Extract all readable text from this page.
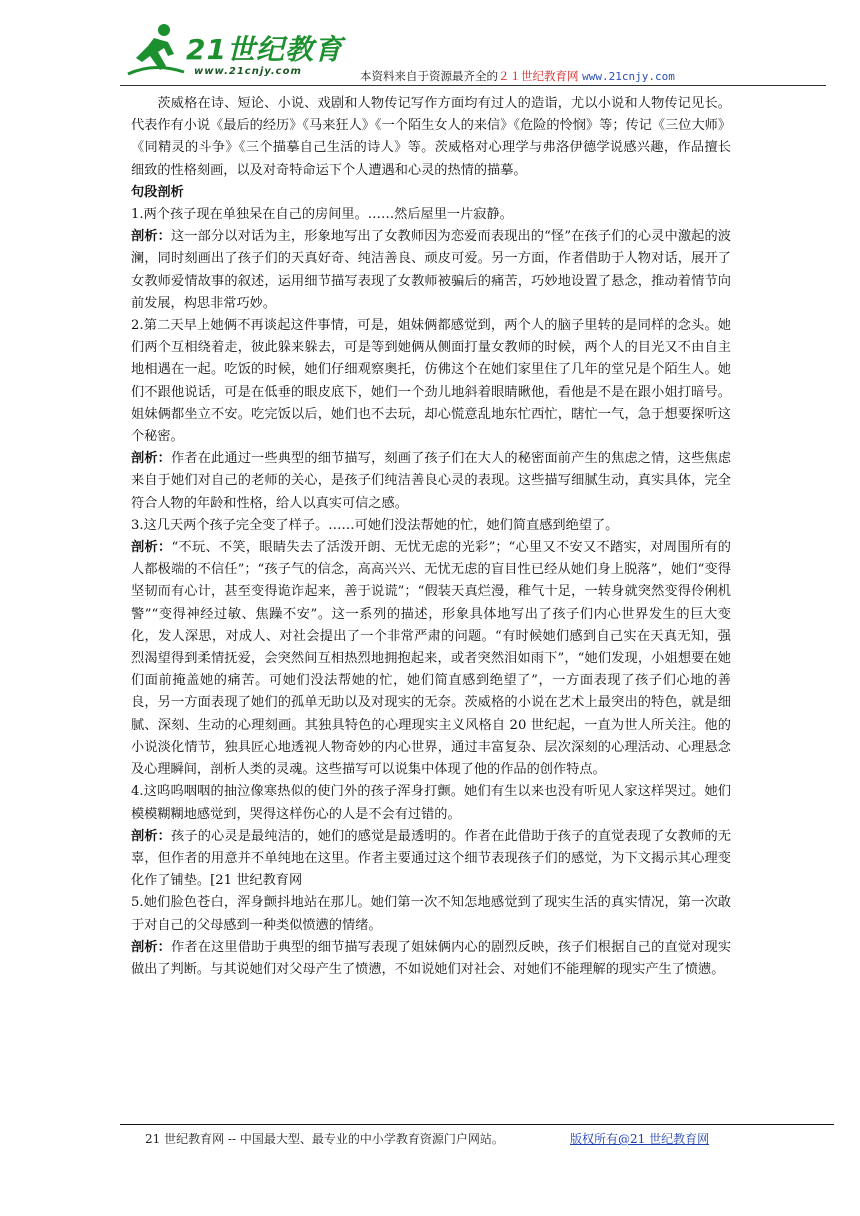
21世纪教育
www.21cnjy.com	本资料来自于资源最齐全的２１世纪教育网 www.21cnjy.com

茨威格在诗、短论、小说、戏剧和人物传记写作方面均有过人的造诣，尤以小说和人物传记见长。代表作有小说《最后的经历》《马来狂人》《一个陌生女人的来信》《危险的怜悯》等；传记《三位大师》《同精灵的斗争》《三个描摹自己生活的诗人》等。茨威格对心理学与弗洛伊德学说感兴趣，作品擅长细致的性格刻画，以及对奇特命运下个人遭遇和心灵的热情的描摹。

句段剖析

1.两个孩子现在单独呆在自己的房间里。……然后屋里一片寂静。

剖析：这一部分以对话为主，形象地写出了女教师因为恋爱而表现出的“怪”在孩子们的心灵中激起的波澜，同时刻画出了孩子们的天真好奇、纯洁善良、顽皮可爱。另一方面，作者借助于人物对话，展开了女教师爱情故事的叙述，运用细节描写表现了女教师被骗后的痛苦，巧妙地设置了悬念，推动着情节向前发展，构思非常巧妙。

2.第二天早上她俩不再谈起这件事情，可是，姐妹俩都感觉到，两个人的脑子里转的是同样的念头。她们两个互相绕着走，彼此躲来躲去，可是等到她俩从侧面打量女教师的时候，两个人的目光又不由自主地相遇在一起。吃饭的时候，她们仔细观察奥托，仿佛这个在她们家里住了几年的堂兄是个陌生人。她们不跟他说话，可是在低垂的眼皮底下，她们一个劲儿地斜着眼睛瞅他，看他是不是在跟小姐打暗号。姐妹俩都坐立不安。吃完饭以后，她们也不去玩，却心慌意乱地东忙西忙，瞎忙一气，急于想要探听这个秘密。

剖析：作者在此通过一些典型的细节描写，刻画了孩子们在大人的秘密面前产生的焦虑之情，这些焦虑来自于她们对自己的老师的关心，是孩子们纯洁善良心灵的表现。这些描写细腻生动，真实具体，完全符合人物的年龄和性格，给人以真实可信之感。

3.这几天两个孩子完全变了样子。……可她们没法帮她的忙，她们简直感到绝望了。

剖析：“不玩、不笑，眼睛失去了活泼开朗、无忧无虑的光彩”；“心里又不安又不踏实，对周围所有的人都极端的不信任”；“孩子气的信念，高高兴兴、无忧无虑的盲目性已经从她们身上脱落”，她们“变得坚韧而有心计，甚至变得诡诈起来，善于说谎”；“假装天真烂漫，稚气十足，一转身就突然变得伶俐机警”“变得神经过敏、焦躁不安”。这一系列的描述，形象具体地写出了孩子们内心世界发生的巨大变化，发人深思，对成人、对社会提出了一个非常严肃的问题。“有时候她们感到自己实在天真无知，强烈渴望得到柔情抚爱，会突然间互相热烈地拥抱起来，或者突然泪如雨下”，“她们发现，小姐想要在她们面前掩盖她的痛苦。可她们没法帮她的忙，她们简直感到绝望了”，一方面表现了孩子们心地的善良，另一方面表现了她们的孤单无助以及对现实的无奈。茨威格的小说在艺术上最突出的特色，就是细腻、深刻、生动的心理刻画。其独具特色的心理现实主义风格自 20 世纪起，一直为世人所关注。他的小说淡化情节，独具匠心地透视人物奇妙的内心世界，通过丰富复杂、层次深刻的心理活动、心理悬念及心理瞬间，剖析人类的灵魂。这些描写可以说集中体现了他的作品的创作特点。

4.这呜呜咽咽的抽泣像寒热似的使门外的孩子浑身打颤。她们有生以来也没有听见人家这样哭过。她们模模糊糊地感觉到，哭得这样伤心的人是不会有过错的。

剖析：孩子的心灵是最纯洁的，她们的感觉是最透明的。作者在此借助于孩子的直觉表现了女教师的无辜，但作者的用意并不单纯地在这里。作者主要通过这个细节表现孩子们的感觉，为下文揭示其心理变化作了铺垫。[21 世纪教育网

5.她们脸色苍白，浑身颤抖地站在那儿。她们第一次不知怎地感觉到了现实生活的真实情况，第一次敢于对自己的父母感到一种类似愤懑的情绪。

剖析：作者在这里借助于典型的细节描写表现了姐妹俩内心的剧烈反映，孩子们根据自己的直觉对现实做出了判断。与其说她们对父母产生了愤懑，不如说她们对社会、对她们不能理解的现实产生了愤懑。

21 世纪教育网 -- 中国最大型、最专业的中小学教育资源门户网站。	版权所有@21 世纪教育网
